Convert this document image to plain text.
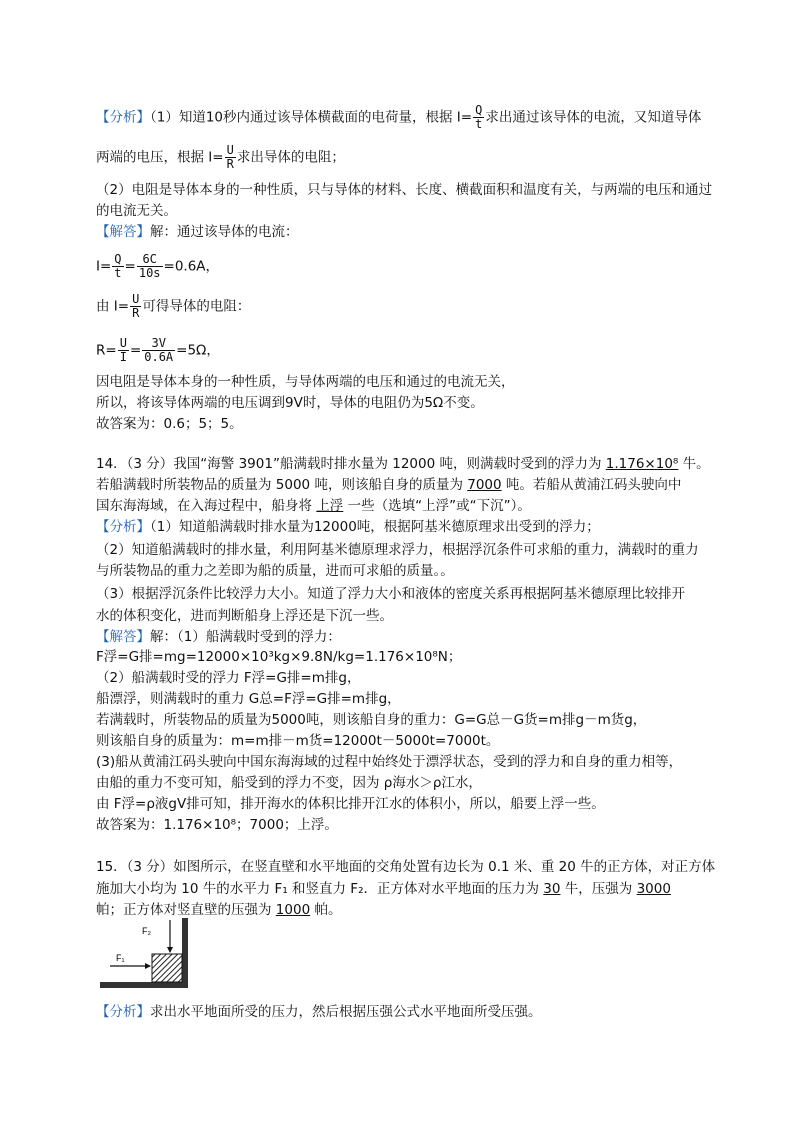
【分析】（1）知道10秒内通过该导体横截面的电荷量，根据 $I= \frac{Q}{t}$ 求出通过该导体的电流，又知道导体
两端的电压，根据 $I= \frac{U}{R}$ 求出导体的电阻；
（2）电阻是导体本身的一种性质，只与导体的材料、长度、横截面积和温度有关，与两端的电压和通过
的电流无关。
【解答】解：通过该导体的电流：
$I= \frac{Q}{t} = \frac{6C}{10s} =0.6A$，
由 $I= \frac{U}{R}$ 可得导体的电阻：
$R= \frac{U}{I} = \frac{3V}{0.6A} =5\Omega$，
因电阻是导体本身的一种性质，与导体两端的电压和通过的电流无关，
所以，将该导体两端的电压调到9V时，导体的电阻仍为5Ω不变。
故答案为：0.6；5；5。
14．（3 分）我国“海警 3901”船满载时排水量为 12000 吨，则满载时受到的浮力为 1.176×10⁸ 牛。
若船满载时所装物品的质量为 5000 吨，则该船自身的质量为 7000 吨。若船从黄浦江码头驶向中
国东海海域，在入海过程中，船身将 上浮 一些（选填“上浮”或“下沉”）。
【分析】（1）知道船满载时排水量为12000吨，根据阿基米德原理求出受到的浮力；
（2）知道船满载时的排水量，利用阿基米德原理求浮力，根据浮沉条件可求船的重力，满载时的重力
与所装物品的重力之差即为船的质量，进而可求船的质量。。
（3）根据浮沉条件比较浮力大小。知道了浮力大小和液体的密度关系再根据阿基米德原理比较排开
水的体积变化，进而判断船身上浮还是下沉一些。
【解答】解：（1）船满载时受到的浮力：
F浮=G排=mg=12000×10³kg×9.8N/kg=1.176×10⁸N；
（2）船满载时受的浮力 F浮=G排=m排g，
船漂浮，则满载时的重力 G总=F浮=G排=m排g，
若满载时，所装物品的质量为5000吨，则该船自身的重力：G=G总－G货=m排g－m货g，
则该船自身的质量为：m=m排－m货=12000t－5000t=7000t。
(3)船从黄浦江码头驶向中国东海海域的过程中始终处于漂浮状态，受到的浮力和自身的重力相等，
由船的重力不变可知，船受到的浮力不变，因为 ρ海水＞ρ江水，
由 F浮=ρ液gV排可知，排开海水的体积比排开江水的体积小，所以，船要上浮一些。
故答案为：1.176×10⁸；7000；上浮。
15．（3 分）如图所示，在竖直壁和水平地面的交角处置有边长为 0.1 米、重 20 牛的正方体，对正方体
施加大小均为 10 牛的水平力 F₁ 和竖直力 F₂．正方体对水平地面的压力为 30 牛，压强为 3000
帕；正方体对竖直壁的压强为 1000 帕。
F₂
F₁
【分析】求出水平地面所受的压力，然后根据压强公式水平地面所受压强。
